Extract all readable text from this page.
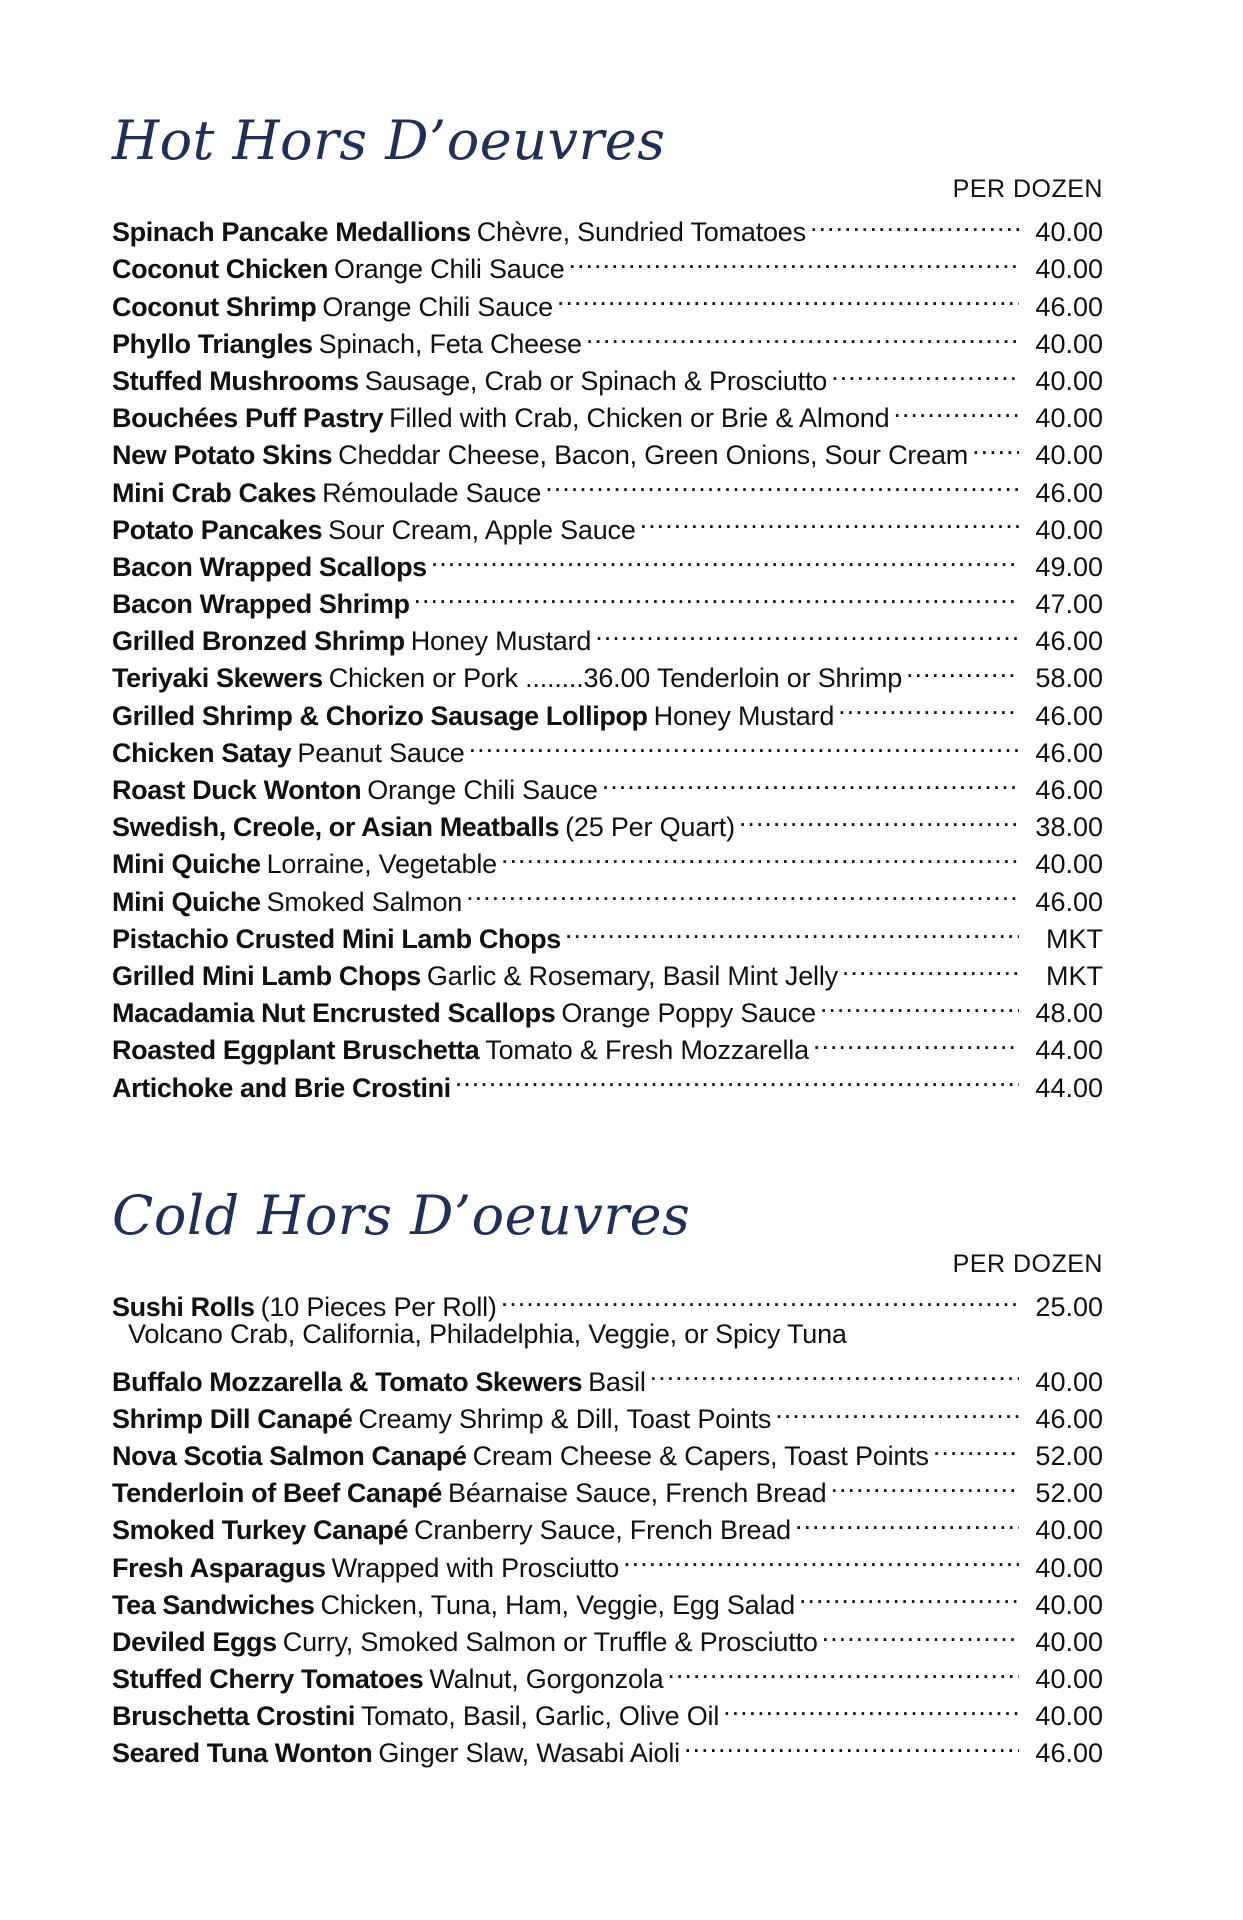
Hot Hors D’oeuvres
PER DOZEN
Spinach Pancake Medallions Chèvre, Sundried Tomatoes .....	40.00
Coconut Chicken Orange Chili Sauce .....	40.00
Coconut Shrimp Orange Chili Sauce .....	46.00
Phyllo Triangles Spinach, Feta Cheese .....	40.00
Stuffed Mushrooms Sausage, Crab or Spinach & Prosciutto .....	40.00
Bouchées Puff Pastry Filled with Crab, Chicken or Brie & Almond .....	40.00
New Potato Skins Cheddar Cheese, Bacon, Green Onions, Sour Cream .....	40.00
Mini Crab Cakes Rémoulade Sauce .....	46.00
Potato Pancakes Sour Cream, Apple Sauce .....	40.00
Bacon Wrapped Scallops .....	49.00
Bacon Wrapped Shrimp .....	47.00
Grilled Bronzed Shrimp Honey Mustard .....	46.00
Teriyaki Skewers Chicken or Pork ........36.00 Tenderloin or Shrimp .....	58.00
Grilled Shrimp & Chorizo Sausage Lollipop Honey Mustard .....	46.00
Chicken Satay Peanut Sauce .....	46.00
Roast Duck Wonton Orange Chili Sauce .....	46.00
Swedish, Creole, or Asian Meatballs (25 Per Quart) .....	38.00
Mini Quiche Lorraine, Vegetable .....	40.00
Mini Quiche Smoked Salmon .....	46.00
Pistachio Crusted Mini Lamb Chops .....	MKT
Grilled Mini Lamb Chops Garlic & Rosemary, Basil Mint Jelly .....	MKT
Macadamia Nut Encrusted Scallops Orange Poppy Sauce .....	48.00
Roasted Eggplant Bruschetta Tomato & Fresh Mozzarella .....	44.00
Artichoke and Brie Crostini .....	44.00
Cold Hors D’oeuvres
PER DOZEN
Sushi Rolls (10 Pieces Per Roll) .....	25.00
Volcano Crab, California, Philadelphia, Veggie, or Spicy Tuna
Buffalo Mozzarella & Tomato Skewers Basil .....	40.00
Shrimp Dill Canapé Creamy Shrimp & Dill, Toast Points .....	46.00
Nova Scotia Salmon Canapé Cream Cheese & Capers, Toast Points .....	52.00
Tenderloin of Beef Canapé Béarnaise Sauce, French Bread .....	52.00
Smoked Turkey Canapé Cranberry Sauce, French Bread .....	40.00
Fresh Asparagus Wrapped with Prosciutto .....	40.00
Tea Sandwiches Chicken, Tuna, Ham, Veggie, Egg Salad .....	40.00
Deviled Eggs Curry, Smoked Salmon or Truffle & Prosciutto .....	40.00
Stuffed Cherry Tomatoes Walnut, Gorgonzola .....	40.00
Bruschetta Crostini Tomato, Basil, Garlic, Olive Oil .....	40.00
Seared Tuna Wonton Ginger Slaw, Wasabi Aioli .....	46.00
